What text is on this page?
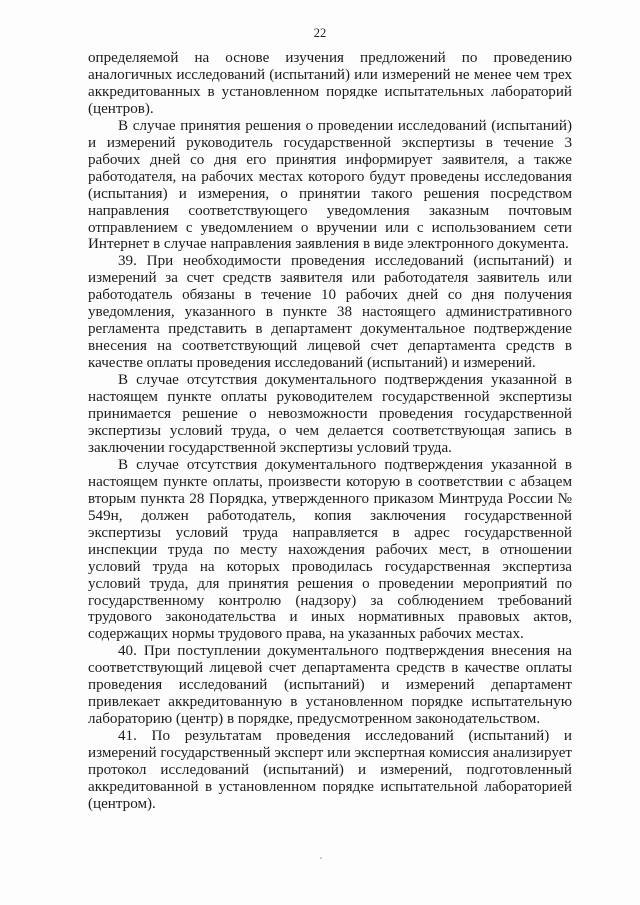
22

определяемой на основе изучения предложений по проведению аналогичных исследований (испытаний) или измерений не менее чем трех аккредитованных в установленном порядке испытательных лабораторий (центров).

В случае принятия решения о проведении исследований (испытаний) и измерений руководитель государственной экспертизы в течение 3 рабочих дней со дня его принятия информирует заявителя, а также работодателя, на рабочих местах которого будут проведены исследования (испытания) и измерения, о принятии такого решения посредством направления соответствующего уведомления заказным почтовым отправлением с уведомлением о вручении или с использованием сети Интернет в случае направления заявления в виде электронного документа.

39. При необходимости проведения исследований (испытаний) и измерений за счет средств заявителя или работодателя заявитель или работодатель обязаны в течение 10 рабочих дней со дня получения уведомления, указанного в пункте 38 настоящего административного регламента представить в департамент документальное подтверждение внесения на соответствующий лицевой счет департамента средств в качестве оплаты проведения исследований (испытаний) и измерений.

В случае отсутствия документального подтверждения указанной в настоящем пункте оплаты руководителем государственной экспертизы принимается решение о невозможности проведения государственной экспертизы условий труда, о чем делается соответствующая запись в заключении государственной экспертизы условий труда.

В случае отсутствия документального подтверждения указанной в настоящем пункте оплаты, произвести которую в соответствии с абзацем вторым пункта 28 Порядка, утвержденного приказом Минтруда России № 549н, должен работодатель, копия заключения государственной экспертизы условий труда направляется в адрес государственной инспекции труда по месту нахождения рабочих мест, в отношении условий труда на которых проводилась государственная экспертиза условий труда, для принятия решения о проведении мероприятий по государственному контролю (надзору) за соблюдением требований трудового законодательства и иных нормативных правовых актов, содержащих нормы трудового права, на указанных рабочих местах.

40. При поступлении документального подтверждения внесения на соответствующий лицевой счет департамента средств в качестве оплаты проведения исследований (испытаний) и измерений департамент привлекает аккредитованную в установленном порядке испытательную лабораторию (центр) в порядке, предусмотренном законодательством.

41. По результатам проведения исследований (испытаний) и измерений государственный эксперт или экспертная комиссия анализирует протокол исследований (испытаний) и измерений, подготовленный аккредитованной в установленном порядке испытательной лабораторией (центром).
